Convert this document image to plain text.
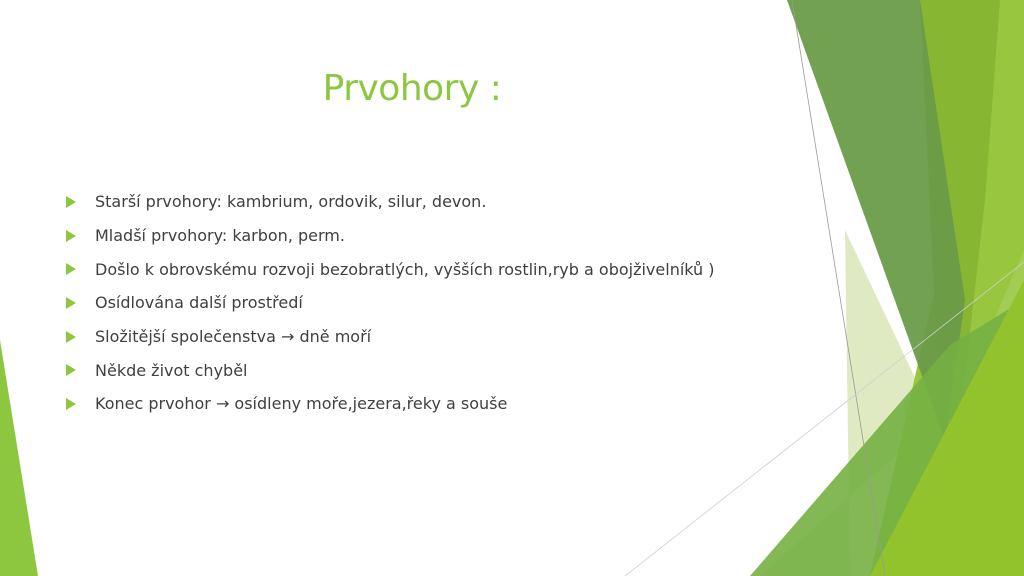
Prvohory :
Starší prvohory: kambrium, ordovik, silur, devon.
Mladší prvohory: karbon, perm.
Došlo k obrovskému rozvoji bezobratlých, vyšších rostlin,ryb a obojživelníků )
Osídlována další prostředí
Složitější společenstva → dně moří
Někde život chyběl
Konec prvohor → osídleny moře,jezera,řeky a souše
